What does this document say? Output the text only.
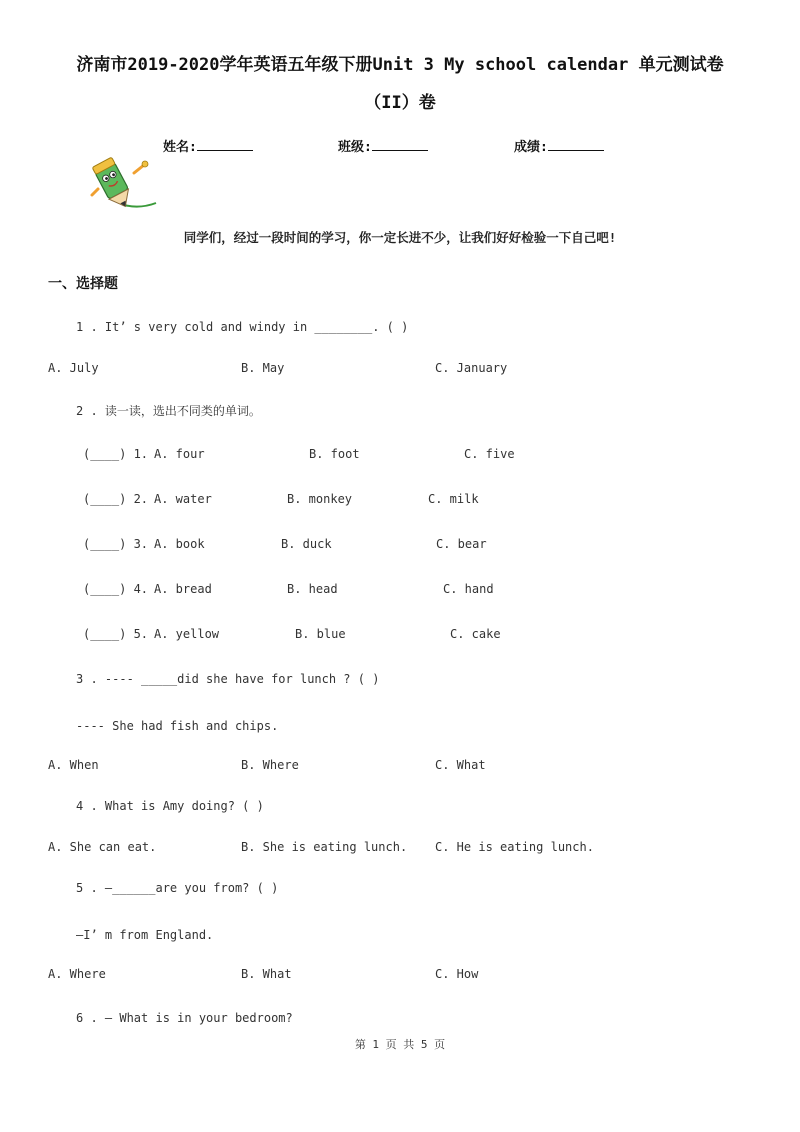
济南市2019-2020学年英语五年级下册Unit 3 My school calendar 单元测试卷
（II）卷
姓名:	班级:	成绩:
同学们，经过一段时间的学习，你一定长进不少，让我们好好检验一下自己吧!
一、选择题
1 . It’ s very cold and windy in ________. ( )
A. July	B. May	C. January
2 . 读一读，选出不同类的单词。
(____) 1. A. four	B. foot	C. five
(____) 2. A. water	B. monkey	C. milk
(____) 3. A. book	B. duck	C. bear
(____) 4. A. bread	B. head	C. hand
(____) 5. A. yellow	B. blue	C. cake
3 . ---- _____did she have for lunch ? ( )
---- She had fish and chips.
A. When	B. Where	C. What
4 . What is Amy doing? ( )
A. She can eat.	B. She is eating lunch. C. He is eating lunch.
5 . —______are you from? ( )
—I’ m from England.
A. Where	B. What	C. How
6 . — What is in your bedroom?
第 1 页 共 5 页
